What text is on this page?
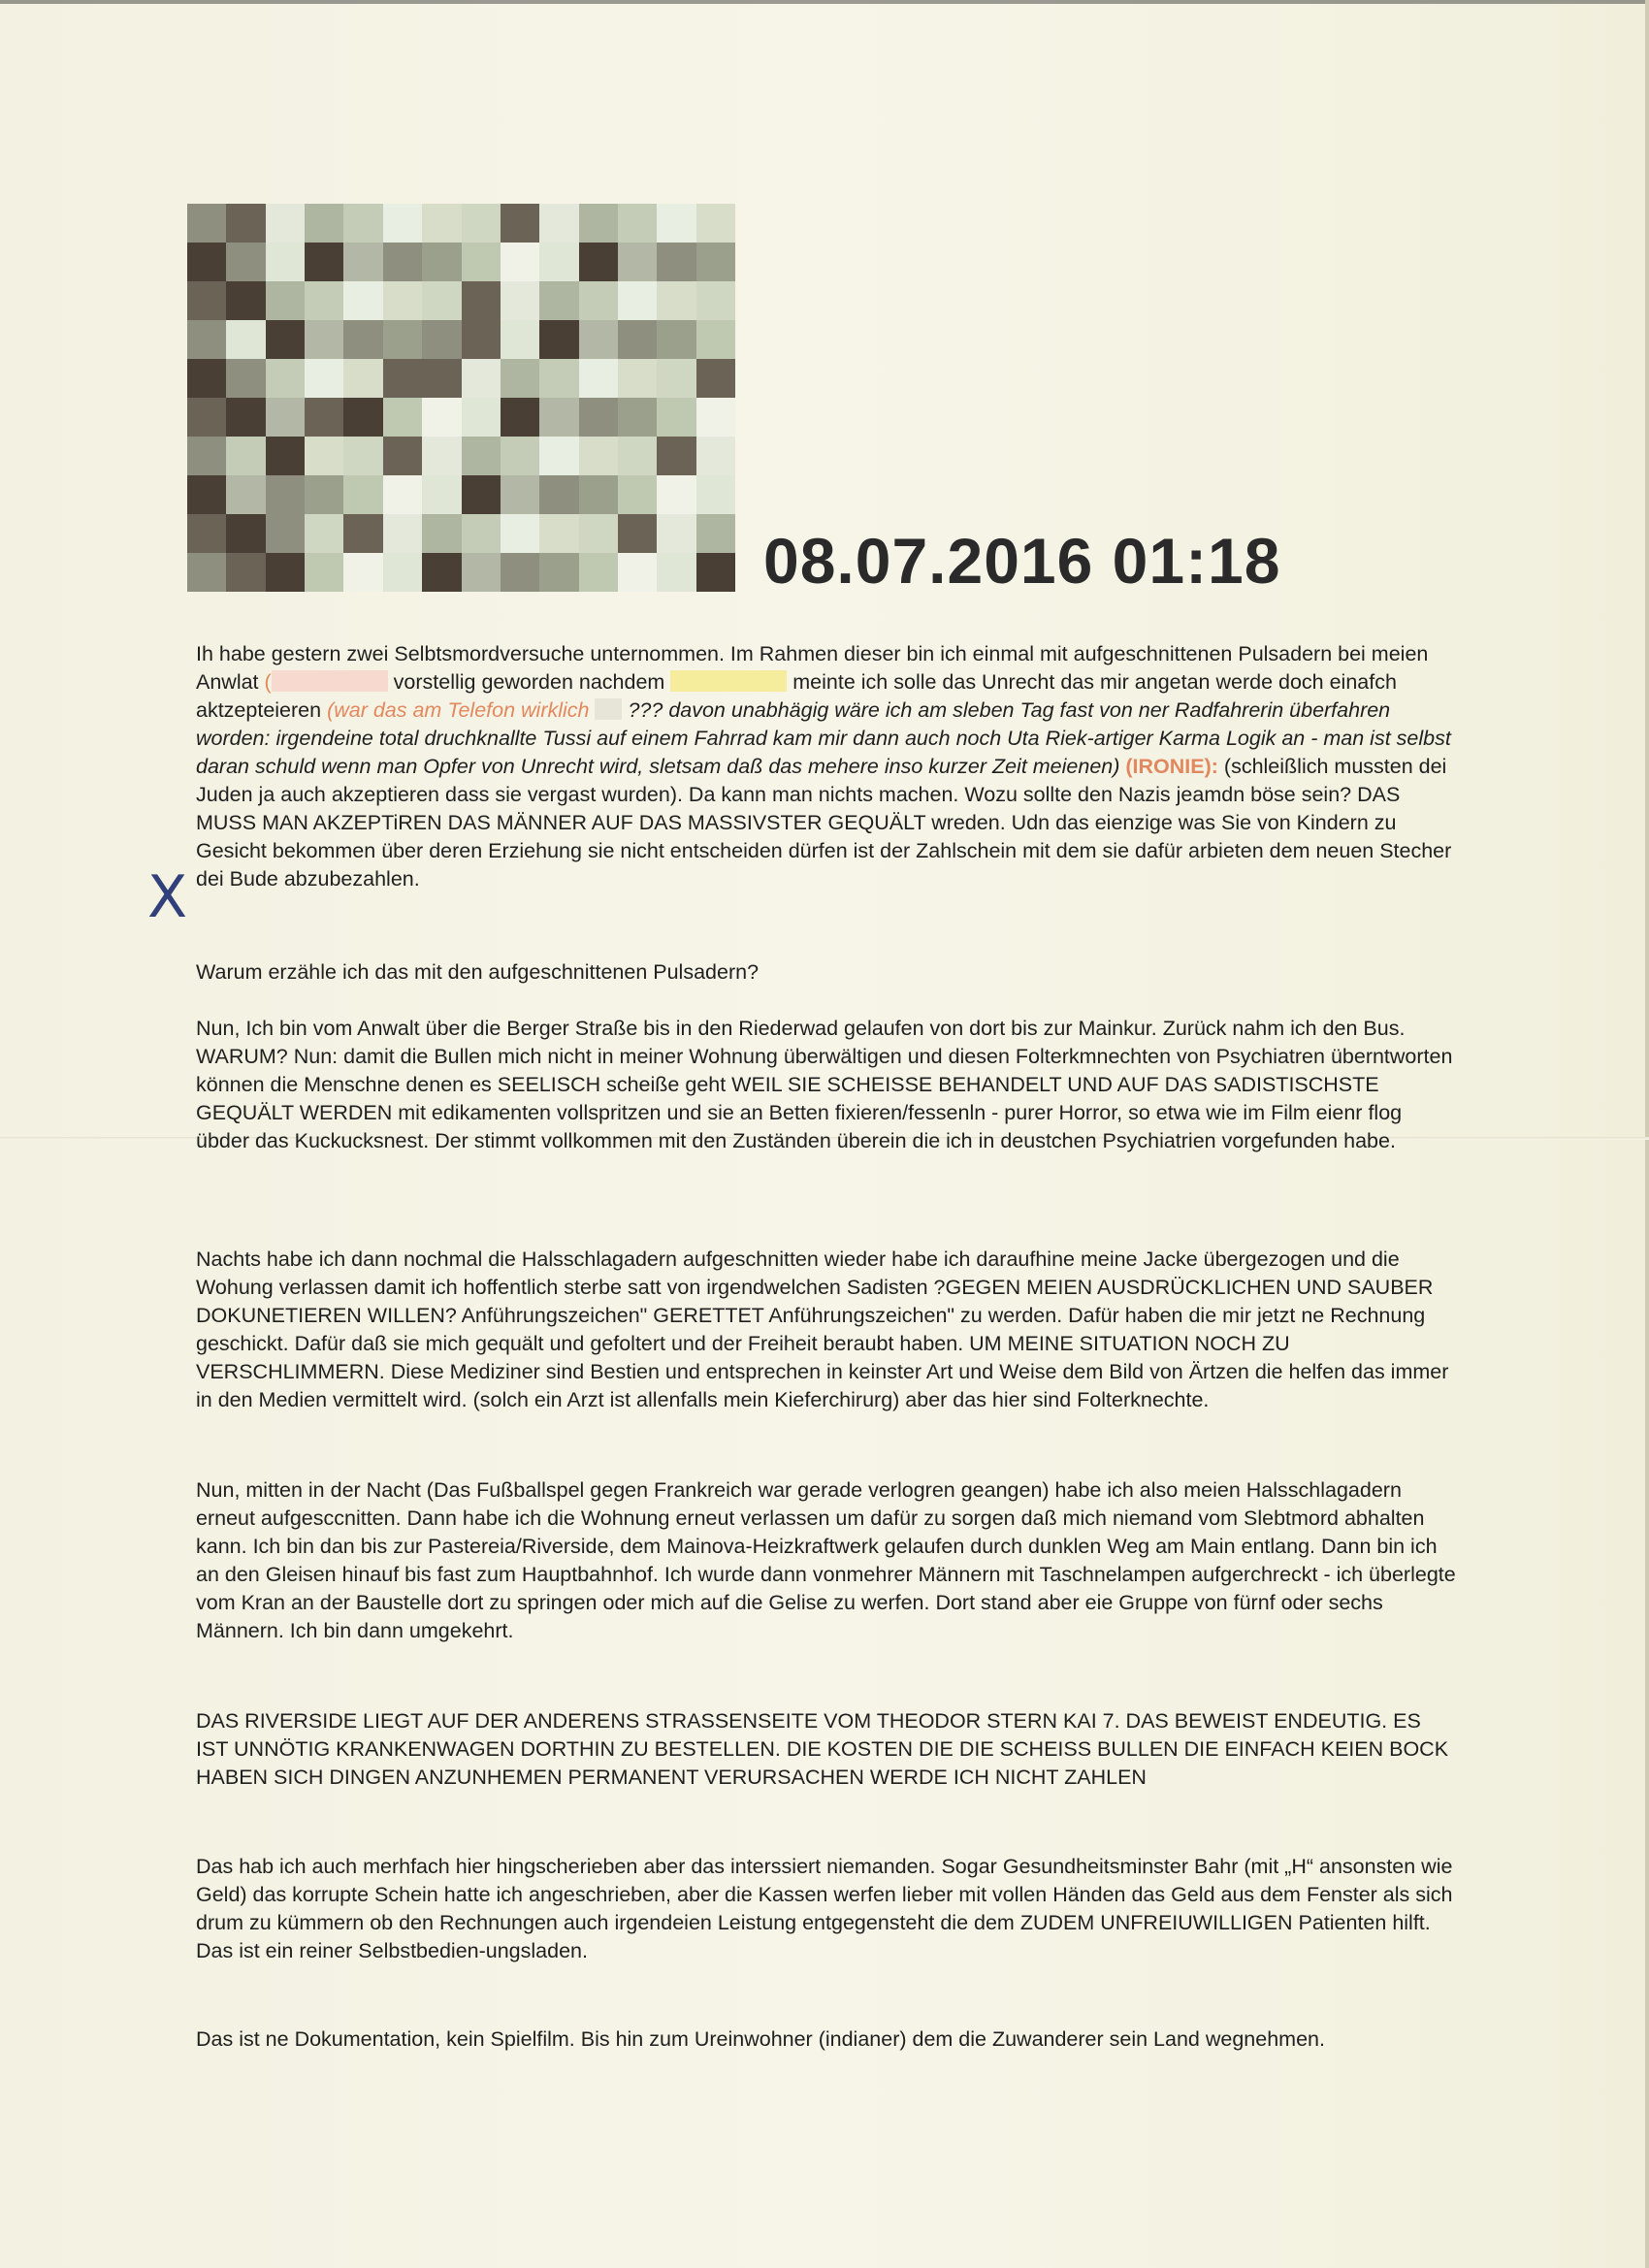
08.07.2016 01:18
X

Ih habe gestern zwei Selbtsmordversuche unternommen. Im Rahmen dieser bin ich einmal mit aufgeschnittenen Pulsadern bei meien Anwlat (	vorstellig geworden nachdem	meinte ich solle das Unrecht das mir angetan werde doch einafch aktzepteieren (war das am Telefon wirklich  ??? davon unabhägig wäre ich am sleben Tag fast von ner Radfahrerin überfahren worden: irgendeine total druchknallte Tussi auf einem Fahrrad kam mir dann auch noch Uta Riek-artiger Karma Logik an - man ist selbst daran schuld wenn man Opfer von Unrecht wird, sletsam daß das mehere inso kurzer Zeit meienen) (IRONIE): (schleißlich mussten dei Juden ja auch akzeptieren dass sie vergast wurden). Da kann man nichts machen. Wozu sollte den Nazis jeamdn böse sein? DAS MUSS MAN AKZEPTiREN DAS MÄNNER AUF DAS MASSIVSTER GEQUÄLT wreden. Udn das eienzige was Sie von Kindern zu Gesicht bekommen über deren Erziehung sie nicht entscheiden dürfen ist der Zahlschein mit dem sie dafür arbieten dem neuen Stecher dei Bude abzubezahlen.

Warum erzähle ich das mit den aufgeschnittenen Pulsadern?

Nun, Ich bin vom Anwalt über die Berger Straße bis in den Riederwad gelaufen von dort bis zur Mainkur. Zurück nahm ich den Bus. WARUM? Nun: damit die Bullen mich nicht in meiner Wohnung überwältigen und diesen Folterkmnechten von Psychiatren überntworten können die Menschne denen es SEELISCH scheiße geht WEIL SIE SCHEISSE BEHANDELT UND AUF DAS SADISTISCHSTE GEQUÄLT WERDEN mit edikamenten vollspritzen und sie an Betten fixieren/fessenln - purer Horror, so etwa wie im Film eienr flog übder das Kuckucksnest. Der stimmt vollkommen mit den Zuständen überein die ich in deustchen Psychiatrien vorgefunden habe.

Nachts habe ich dann nochmal die Halsschlagadern aufgeschnitten wieder habe ich daraufhine meine Jacke übergezogen und die Wohung verlassen damit ich hoffentlich sterbe satt von irgendwelchen Sadisten ?GEGEN MEIEN AUSDRÜCKLICHEN UND SAUBER DOKUNETIEREN WILLEN? Anführungszeichen" GERETTET Anführungszeichen" zu werden. Dafür haben die mir jetzt ne Rechnung geschickt. Dafür daß sie mich gequält und gefoltert und der Freiheit beraubt haben. UM MEINE SITUATION NOCH ZU VERSCHLIMMERN. Diese Mediziner sind Bestien und entsprechen in keinster Art und Weise dem Bild von Ärtzen die helfen das immer in den Medien vermittelt wird. (solch ein Arzt ist allenfalls mein Kieferchirurg) aber das hier sind Folterknechte.

Nun, mitten in der Nacht (Das Fußballspel gegen Frankreich war gerade verlogren geangen) habe ich also meien Halsschlagadern erneut aufgesccnitten. Dann habe ich die Wohnung erneut verlassen um dafür zu sorgen daß mich niemand vom Slebtmord abhalten kann. Ich bin dan bis zur Pastereia/Riverside, dem Mainova-Heizkraftwerk gelaufen durch dunklen Weg am Main entlang. Dann bin ich an den Gleisen hinauf bis fast zum Hauptbahnhof. Ich wurde dann vonmehrer Männern mit Taschnelampen aufgerchreckt - ich überlegte vom Kran an der Baustelle dort zu springen oder mich auf die Gelise zu werfen. Dort stand aber eie Gruppe von fürnf oder sechs Männern. Ich bin dann umgekehrt.

DAS RIVERSIDE LIEGT AUF DER ANDERENS STRASSENSEITE VOM THEODOR STERN KAI 7. DAS BEWEIST ENDEUTIG. ES IST UNNÖTIG KRANKENWAGEN DORTHIN ZU BESTELLEN. DIE KOSTEN DIE DIE SCHEISS BULLEN DIE EINFACH KEIEN BOCK HABEN SICH DINGEN ANZUNHEMEN PERMANENT VERURSACHEN WERDE ICH NICHT ZAHLEN

Das hab ich auch merhfach hier hingscherieben aber das interssiert niemanden. Sogar Gesundheitsminster Bahr (mit „H“ ansonsten wie Geld) das korrupte Schein hatte ich angeschrieben, aber die Kassen werfen lieber mit vollen Händen das Geld aus dem Fenster als sich drum zu kümmern ob den Rechnungen auch irgendeien Leistung entgegensteht die dem ZUDEM UNFREIUWILLIGEN Patienten hilft. Das ist ein reiner Selbstbedien-ungsladen.

Das ist ne Dokumentation, kein Spielfilm. Bis hin zum Ureinwohner (indianer) dem die Zuwanderer sein Land wegnehmen.
